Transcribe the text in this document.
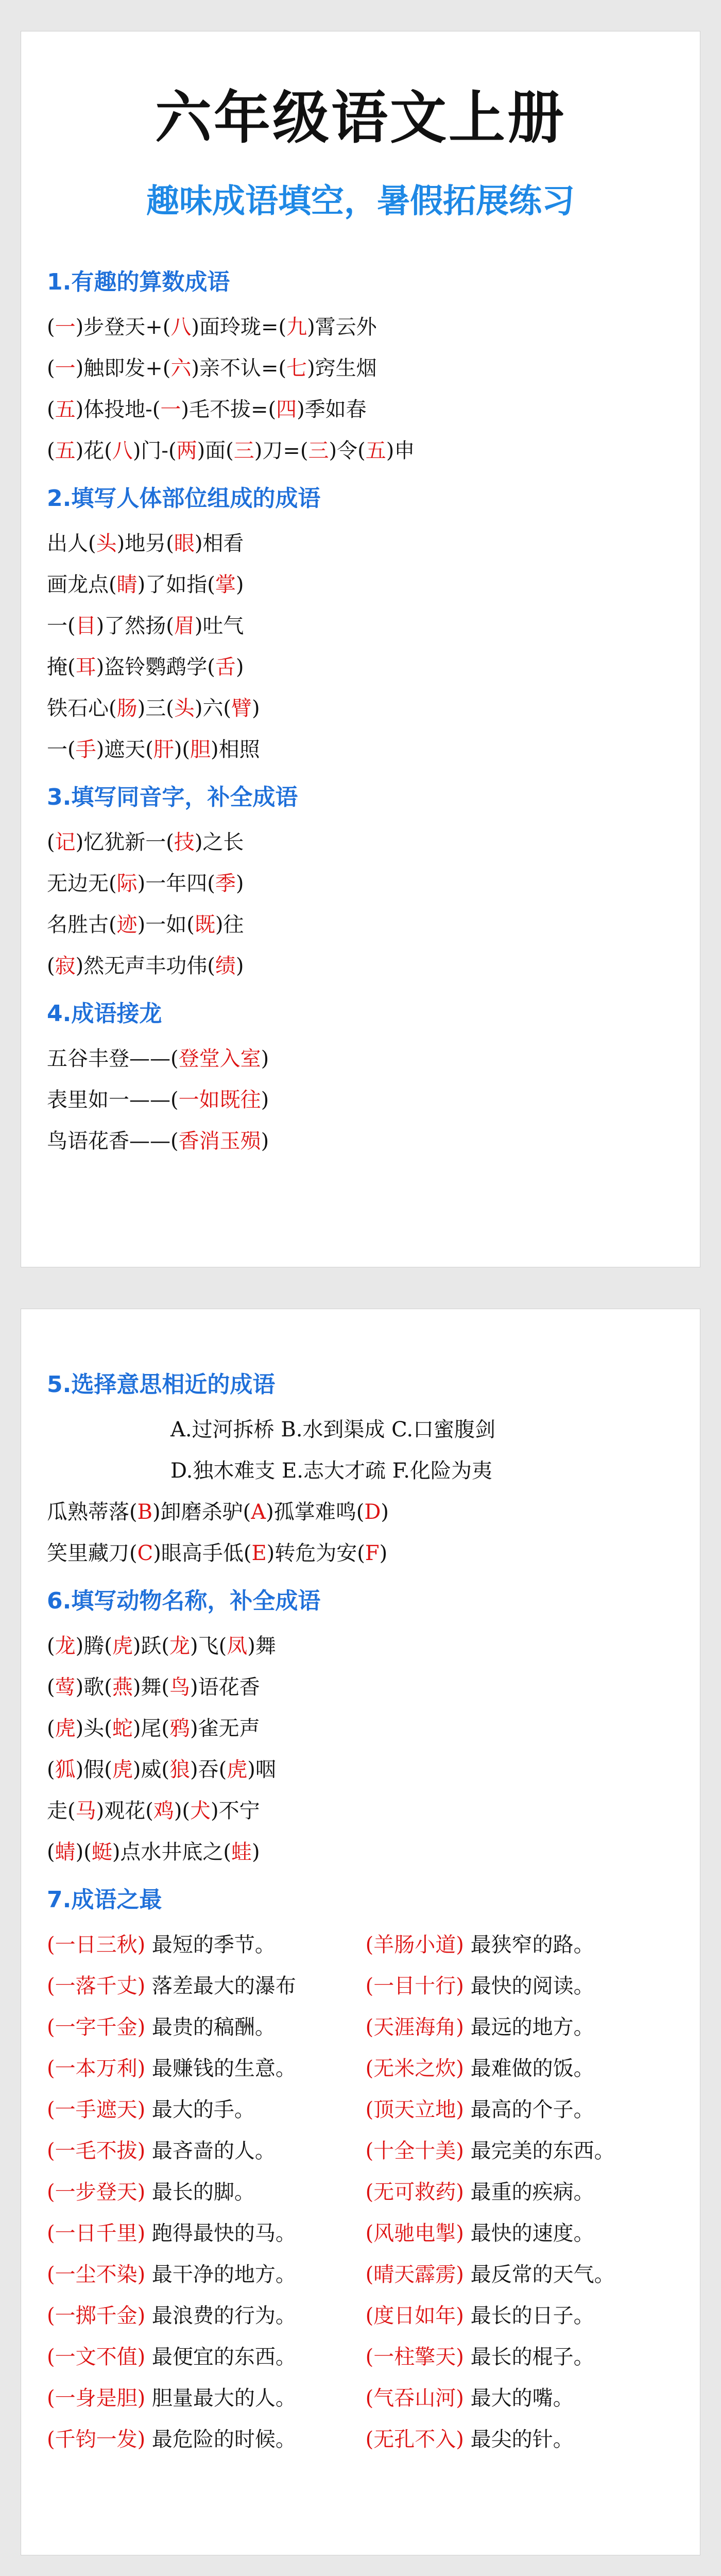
六年级语文上册
趣味成语填空，暑假拓展练习
1.有趣的算数成语
(一)步登天+(八)面玲珑=(九)霄云外
(一)触即发+(六)亲不认=(七)窍生烟
(五)体投地-(一)毛不拔=(四)季如春
(五)花(八)门-(两)面(三)刀=(三)令(五)申
2.填写人体部位组成的成语
出人(头)地另(眼)相看
画龙点(睛)了如指(掌)
一(目)了然扬(眉)吐气
掩(耳)盗铃鹦鹉学(舌)
铁石心(肠)三(头)六(臂)
一(手)遮天(肝)(胆)相照
3.填写同音字，补全成语
(记)忆犹新一(技)之长
无边无(际)一年四(季)
名胜古(迹)一如(既)往
(寂)然无声丰功伟(绩)
4.成语接龙
五谷丰登——(登堂入室)
表里如一——(一如既往)
鸟语花香——(香消玉殒)
5.选择意思相近的成语
A.过河拆桥 B.水到渠成 C.口蜜腹剑
D.独木难支 E.志大才疏 F.化险为夷
瓜熟蒂落(B)卸磨杀驴(A)孤掌难鸣(D)
笑里藏刀(C)眼高手低(E)转危为安(F)
6.填写动物名称，补全成语
(龙)腾(虎)跃(龙)飞(凤)舞
(莺)歌(燕)舞(鸟)语花香
(虎)头(蛇)尾(鸦)雀无声
(狐)假(虎)威(狼)吞(虎)咽
走(马)观花(鸡)(犬)不宁
(蜻)(蜓)点水井底之(蛙)
7.成语之最
(一日三秋) 最短的季节。	(羊肠小道) 最狭窄的路。
(一落千丈) 落差最大的瀑布	(一目十行) 最快的阅读。
(一字千金) 最贵的稿酬。	(天涯海角) 最远的地方。
(一本万利) 最赚钱的生意。	(无米之炊) 最难做的饭。
(一手遮天) 最大的手。	(顶天立地) 最高的个子。
(一毛不拔) 最吝啬的人。	(十全十美) 最完美的东西。
(一步登天) 最长的脚。	(无可救药) 最重的疾病。
(一日千里) 跑得最快的马。	(风驰电掣) 最快的速度。
(一尘不染) 最干净的地方。	(晴天霹雳) 最反常的天气。
(一掷千金) 最浪费的行为。	(度日如年) 最长的日子。
(一文不值) 最便宜的东西。	(一柱擎天) 最长的棍子。
(一身是胆) 胆量最大的人。	(气吞山河) 最大的嘴。
(千钧一发) 最危险的时候。	(无孔不入) 最尖的针。
